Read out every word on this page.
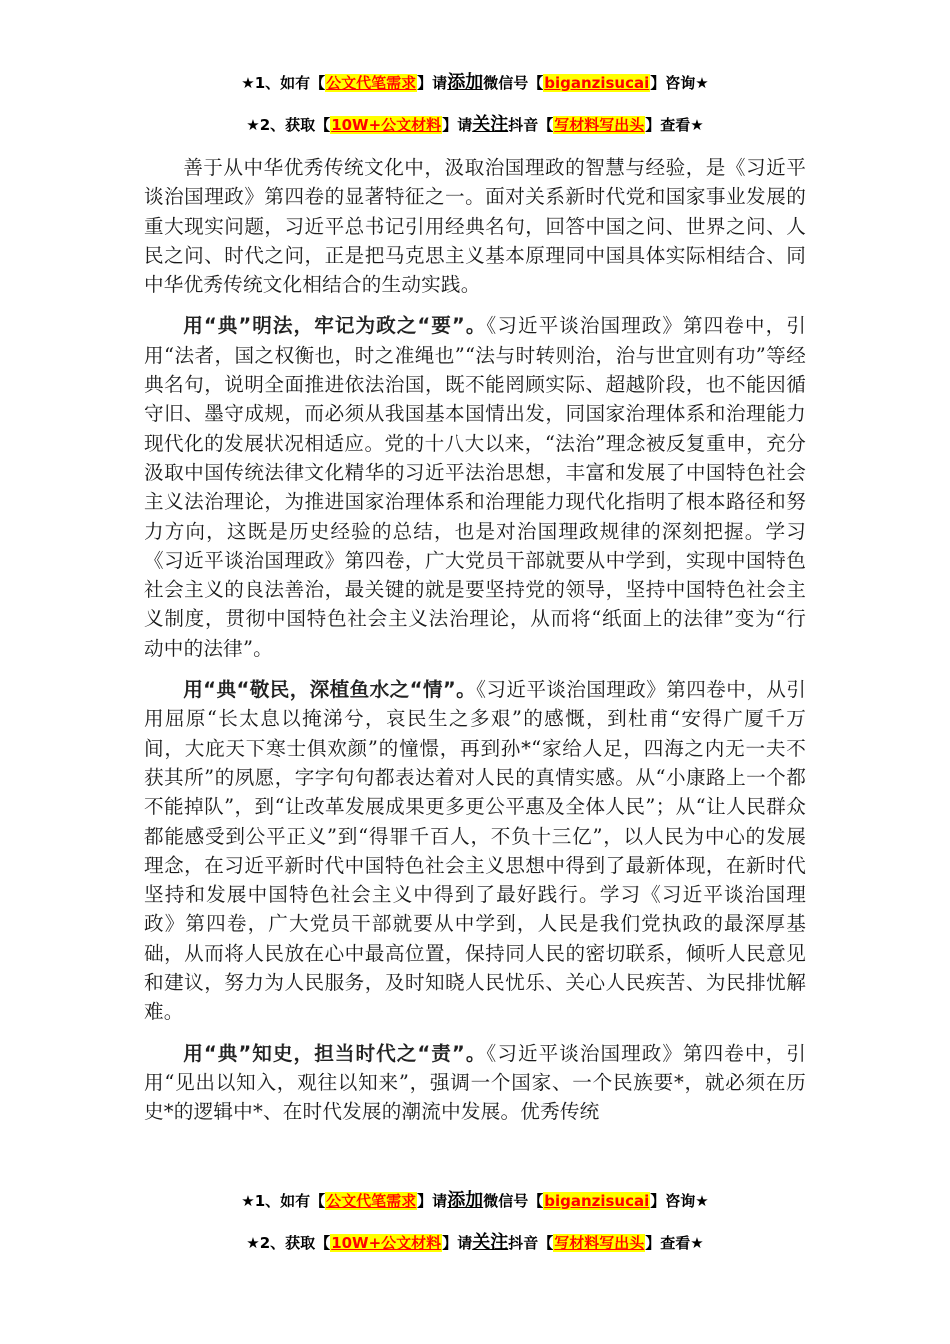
★1、如有【公文代笔需求】请添加微信号【biganzisucai】咨询★
★2、获取【10W+公文材料】请关注抖音【写材料写出头】查看★

善于从中华优秀传统文化中，汲取治国理政的智慧与经验，是《习近平谈治国理政》第四卷的显著特征之一。面对关系新时代党和国家事业发展的重大现实问题，习近平总书记引用经典名句，回答中国之问、世界之问、人民之问、时代之问，正是把马克思主义基本原理同中国具体实际相结合、同中华优秀传统文化相结合的生动实践。

用“典”明法，牢记为政之“要”。《习近平谈治国理政》第四卷中，引用“法者，国之权衡也，时之准绳也”“法与时转则治，治与世宜则有功”等经典名句，说明全面推进依法治国，既不能罔顾实际、超越阶段，也不能因循守旧、墨守成规，而必须从我国基本国情出发，同国家治理体系和治理能力现代化的发展状况相适应。党的十八大以来，“法治”理念被反复重申，充分汲取中国传统法律文化精华的习近平法治思想，丰富和发展了中国特色社会主义法治理论，为推进国家治理体系和治理能力现代化指明了根本路径和努力方向，这既是历史经验的总结，也是对治国理政规律的深刻把握。学习《习近平谈治国理政》第四卷，广大党员干部就要从中学到，实现中国特色社会主义的良法善治，最关键的就是要坚持党的领导，坚持中国特色社会主义制度，贯彻中国特色社会主义法治理论，从而将“纸面上的法律”变为“行动中的法律”。

用“典“敬民，深植鱼水之“情”。《习近平谈治国理政》第四卷中，从引用屈原“长太息以掩涕兮，哀民生之多艰”的感慨，到杜甫“安得广厦千万间，大庇天下寒士俱欢颜”的憧憬，再到孙*“家给人足，四海之内无一夫不获其所”的夙愿，字字句句都表达着对人民的真情实感。从“小康路上一个都不能掉队”，到“让改革发展成果更多更公平惠及全体人民”；从“让人民群众都能感受到公平正义”到“得罪千百人，不负十三亿”，以人民为中心的发展理念，在习近平新时代中国特色社会主义思想中得到了最新体现，在新时代坚持和发展中国特色社会主义中得到了最好践行。学习《习近平谈治国理政》第四卷，广大党员干部就要从中学到，人民是我们党执政的最深厚基础，从而将人民放在心中最高位置，保持同人民的密切联系，倾听人民意见和建议，努力为人民服务，及时知晓人民忧乐、关心人民疾苦、为民排忧解难。

用“典”知史，担当时代之“责”。《习近平谈治国理政》第四卷中，引用“见出以知入，观往以知来”，强调一个国家、一个民族要*，就必须在历史*的逻辑中*、在时代发展的潮流中发展。优秀传统

★1、如有【公文代笔需求】请添加微信号【biganzisucai】咨询★
★2、获取【10W+公文材料】请关注抖音【写材料写出头】查看★
